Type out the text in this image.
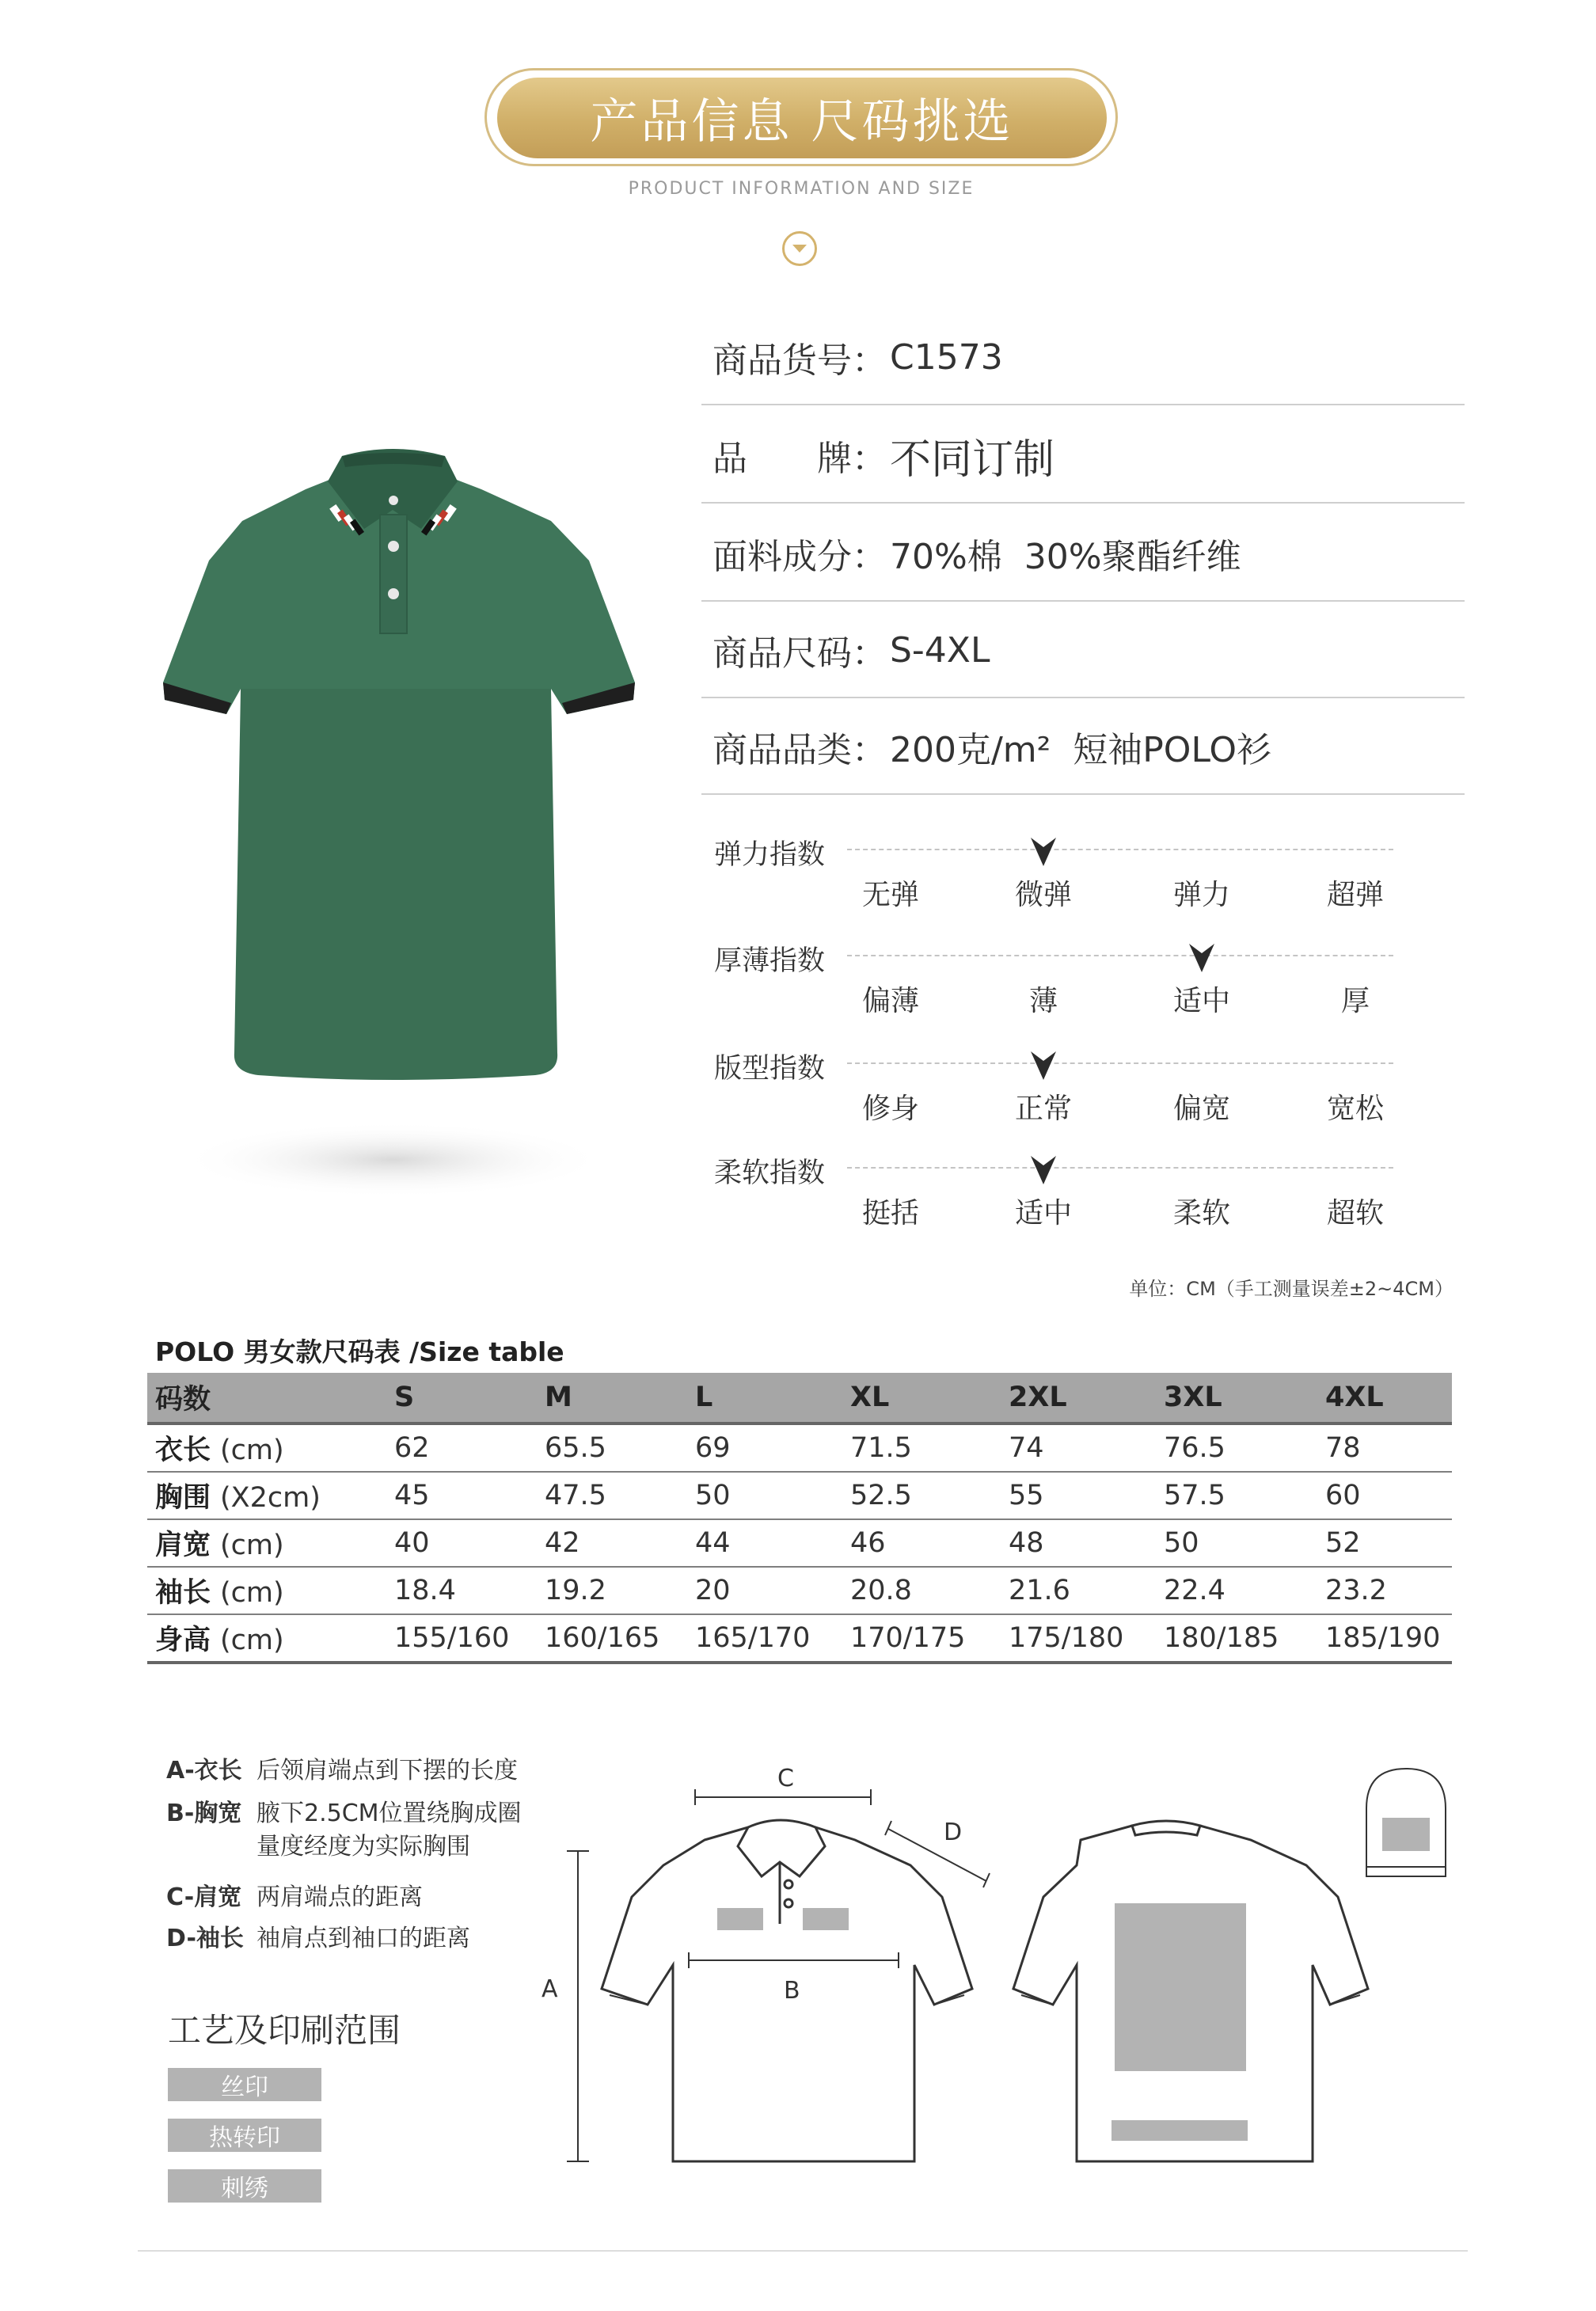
产品信息 尺码挑选
PRODUCT INFORMATION AND SIZE
商品货号： C1573
品　　牌： 不同订制
面料成分： 70%棉  30%聚酯纤维
商品尺码： S-4XL
商品品类： 200克/m²  短袖POLO衫
弹力指数
无弹	微弹	弹力	超弹
厚薄指数
偏薄	薄	适中	厚
版型指数
修身	正常	偏宽	宽松
柔软指数
挺括	适中	柔软	超软
单位：CM（手工测量误差±2~4CM）
POLO 男女款尺码表 /Size table
码数	S	M	L	XL	2XL	3XL	4XL
衣长 (cm)	62	65.5	69	71.5	74	76.5	78
胸围 (X2cm)	45	47.5	50	52.5	55	57.5	60
肩宽 (cm)	40	42	44	46	48	50	52
袖长 (cm)	18.4	19.2	20	20.8	21.6	22.4	23.2
身高 (cm)	155/160	160/165	165/170	170/175	175/180	180/185	185/190
A-衣长 后领肩端点到下摆的长度
B-胸宽 腋下2.5CM位置绕胸成圈
量度经度为实际胸围
C-肩宽 两肩端点的距离
D-袖长 袖肩点到袖口的距离
工艺及印刷范围
丝印
热转印
刺绣
A	B
C
D
